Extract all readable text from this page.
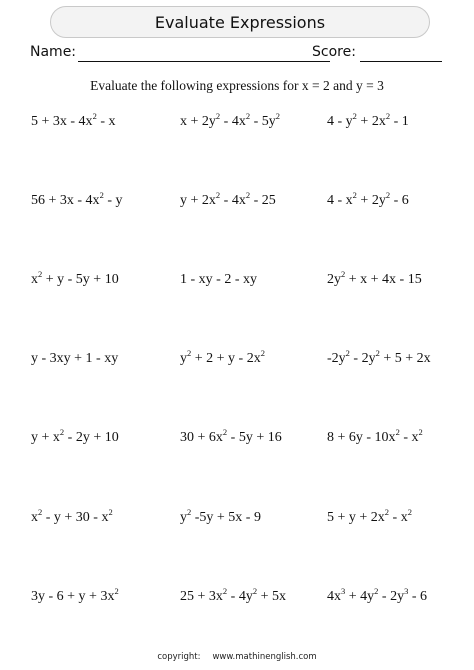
Evaluate Expressions
Name:	Score:
Evaluate the following expressions for x = 2 and y = 3
$5 + 3x - 4x^2 - x$	$x + 2y^2 - 4x^2 - 5y^2$	$4 - y^2 + 2x^2 - 1$
$56 + 3x - 4x^2 - y$	$y + 2x^2 - 4x^2 - 25$	$4 - x^2 + 2y^2 - 6$
$x^2 + y - 5y + 10$	1 - xy - 2 - xy	$2y^2 + x + 4x - 15$
y - 3xy + 1 - xy	$y^2 + 2 + y - 2x^2$	$-2y^2 - 2y^2 + 5 + 2x$
$y + x^2 - 2y + 10$	$30 + 6x^2 - 5y + 16$	$8 + 6y - 10x^2 - x^2$
$x^2 - y + 30 - x^2$	$y^2$ -5y + 5x - 9	$5 + y + 2x^2 - x^2$
$3y - 6 + y + 3x^2$	$25 + 3x^2 - 4y^2 + 5x$	$4x^3 + 4y^2 - 2y^3 - 6$
copyright: www.mathinenglish.com
